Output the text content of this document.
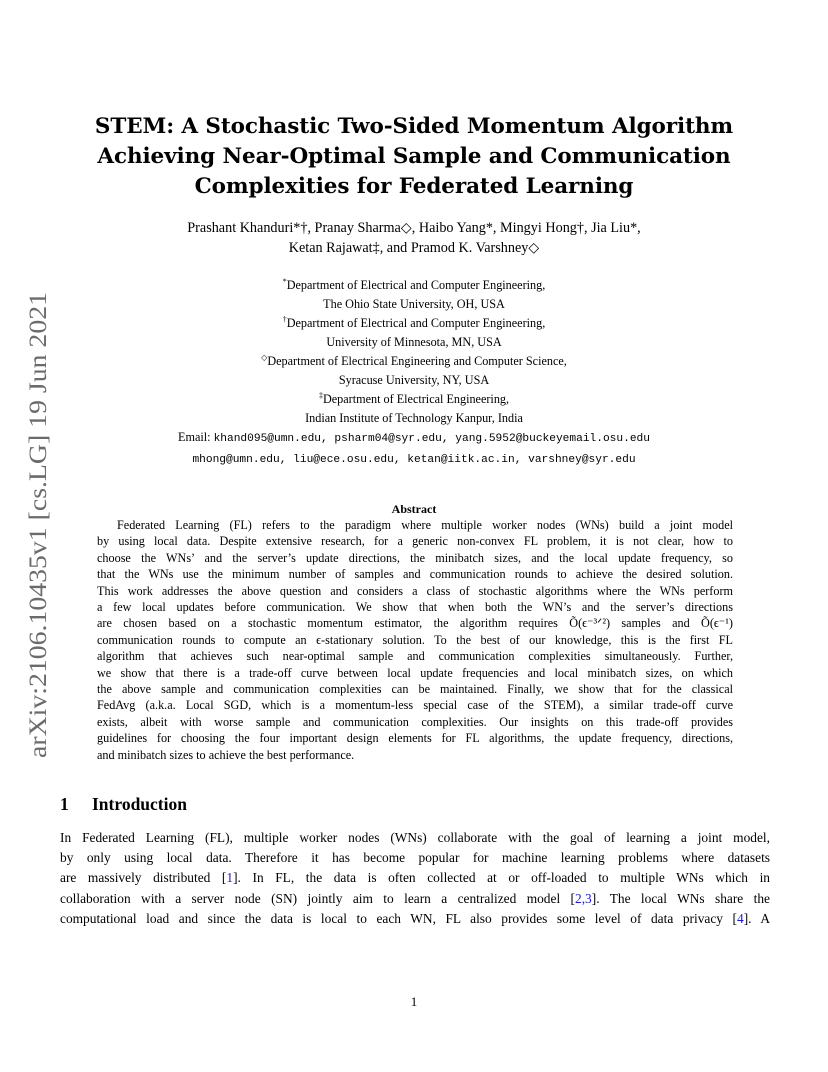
arXiv:2106.10435v1 [cs.LG] 19 Jun 2021
STEM: A Stochastic Two-Sided Momentum Algorithm
Achieving Near-Optimal Sample and Communication
Complexities for Federated Learning
Prashant Khanduri*†, Pranay Sharma◇, Haibo Yang*, Mingyi Hong†, Jia Liu*,
Ketan Rajawat‡, and Pramod K. Varshney◇
*Department of Electrical and Computer Engineering,
The Ohio State University, OH, USA
†Department of Electrical and Computer Engineering,
University of Minnesota, MN, USA
◇Department of Electrical Engineering and Computer Science,
Syracuse University, NY, USA
‡Department of Electrical Engineering,
Indian Institute of Technology Kanpur, India
Email: khand095@umn.edu, psharm04@syr.edu, yang.5952@buckeyemail.osu.edu
mhong@umn.edu, liu@ece.osu.edu, ketan@iitk.ac.in, varshney@syr.edu
Abstract
Federated Learning (FL) refers to the paradigm where multiple worker nodes (WNs) build a joint model
by using local data. Despite extensive research, for a generic non-convex FL problem, it is not clear, how to
choose the WNs’ and the server’s update directions, the minibatch sizes, and the local update frequency, so
that the WNs use the minimum number of samples and communication rounds to achieve the desired solution.
This work addresses the above question and considers a class of stochastic algorithms where the WNs perform
a few local updates before communication. We show that when both the WN’s and the server’s directions
are chosen based on a stochastic momentum estimator, the algorithm requires Õ(ϵ⁻³ᐟ²) samples and Õ(ϵ⁻¹)
communication rounds to compute an ϵ-stationary solution. To the best of our knowledge, this is the first FL
algorithm that achieves such near-optimal sample and communication complexities simultaneously. Further,
we show that there is a trade-off curve between local update frequencies and local minibatch sizes, on which
the above sample and communication complexities can be maintained. Finally, we show that for the classical
FedAvg (a.k.a. Local SGD, which is a momentum-less special case of the STEM), a similar trade-off curve
exists, albeit with worse sample and communication complexities. Our insights on this trade-off provides
guidelines for choosing the four important design elements for FL algorithms, the update frequency, directions,
and minibatch sizes to achieve the best performance.
1 Introduction
In Federated Learning (FL), multiple worker nodes (WNs) collaborate with the goal of learning a joint model,
by only using local data. Therefore it has become popular for machine learning problems where datasets
are massively distributed [1]. In FL, the data is often collected at or off-loaded to multiple WNs which in
collaboration with a server node (SN) jointly aim to learn a centralized model [2,3]. The local WNs share the
computational load and since the data is local to each WN, FL also provides some level of data privacy [4]. A
1
